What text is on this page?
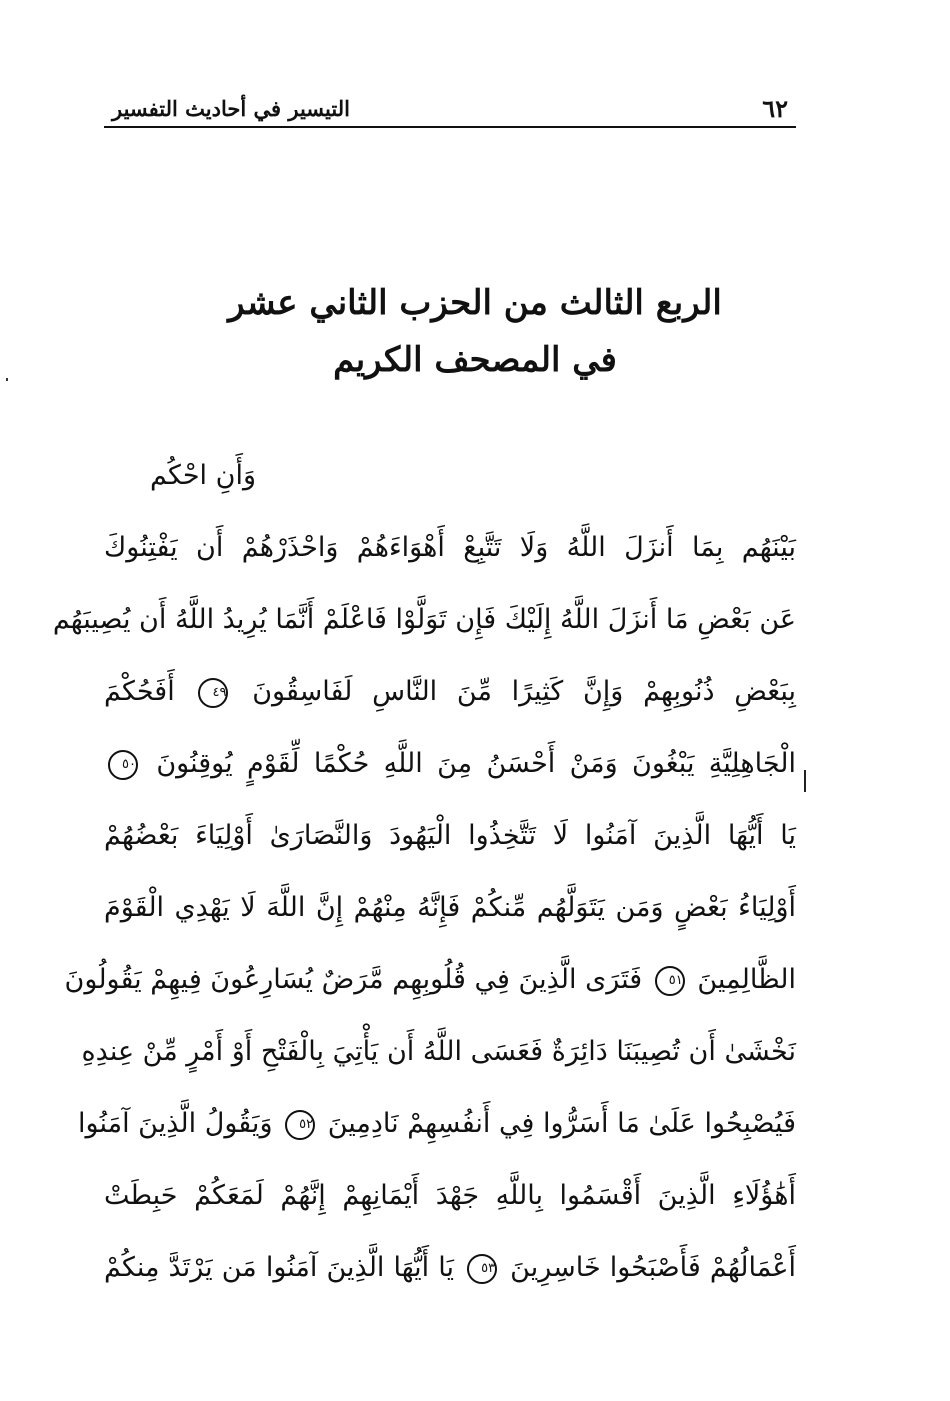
٦٢
التيسير في أحاديث التفسير
الربع الثالث من الحزب الثاني عشر
في المصحف الكريم
وَأَنِ احْكُم
بَيْنَهُم بِمَا أَنزَلَ اللَّهُ وَلَا تَتَّبِعْ أَهْوَاءَهُمْ وَاحْذَرْهُمْ أَن يَفْتِنُوكَ
عَن بَعْضِ مَا أَنزَلَ اللَّهُ إِلَيْكَ فَإِن تَوَلَّوْا فَاعْلَمْ أَنَّمَا يُرِيدُ اللَّهُ أَن يُصِيبَهُم
بِبَعْضِ ذُنُوبِهِمْ وَإِنَّ كَثِيرًا مِّنَ النَّاسِ لَفَاسِقُونَ ٤٩ أَفَحُكْمَ
الْجَاهِلِيَّةِ يَبْغُونَ وَمَنْ أَحْسَنُ مِنَ اللَّهِ حُكْمًا لِّقَوْمٍ يُوقِنُونَ ٥٠
يَا أَيُّهَا الَّذِينَ آمَنُوا لَا تَتَّخِذُوا الْيَهُودَ وَالنَّصَارَىٰ أَوْلِيَاءَ بَعْضُهُمْ
أَوْلِيَاءُ بَعْضٍ وَمَن يَتَوَلَّهُم مِّنكُمْ فَإِنَّهُ مِنْهُمْ إِنَّ اللَّهَ لَا يَهْدِي الْقَوْمَ
الظَّالِمِينَ ٥١ فَتَرَى الَّذِينَ فِي قُلُوبِهِم مَّرَضٌ يُسَارِعُونَ فِيهِمْ يَقُولُونَ
نَخْشَىٰ أَن تُصِيبَنَا دَائِرَةٌ فَعَسَى اللَّهُ أَن يَأْتِيَ بِالْفَتْحِ أَوْ أَمْرٍ مِّنْ عِندِهِ
فَيُصْبِحُوا عَلَىٰ مَا أَسَرُّوا فِي أَنفُسِهِمْ نَادِمِينَ ٥٢ وَيَقُولُ الَّذِينَ آمَنُوا
أَهَٰؤُلَاءِ الَّذِينَ أَقْسَمُوا بِاللَّهِ جَهْدَ أَيْمَانِهِمْ إِنَّهُمْ لَمَعَكُمْ حَبِطَتْ
أَعْمَالُهُمْ فَأَصْبَحُوا خَاسِرِينَ ٥٣ يَا أَيُّهَا الَّذِينَ آمَنُوا مَن يَرْتَدَّ مِنكُمْ
